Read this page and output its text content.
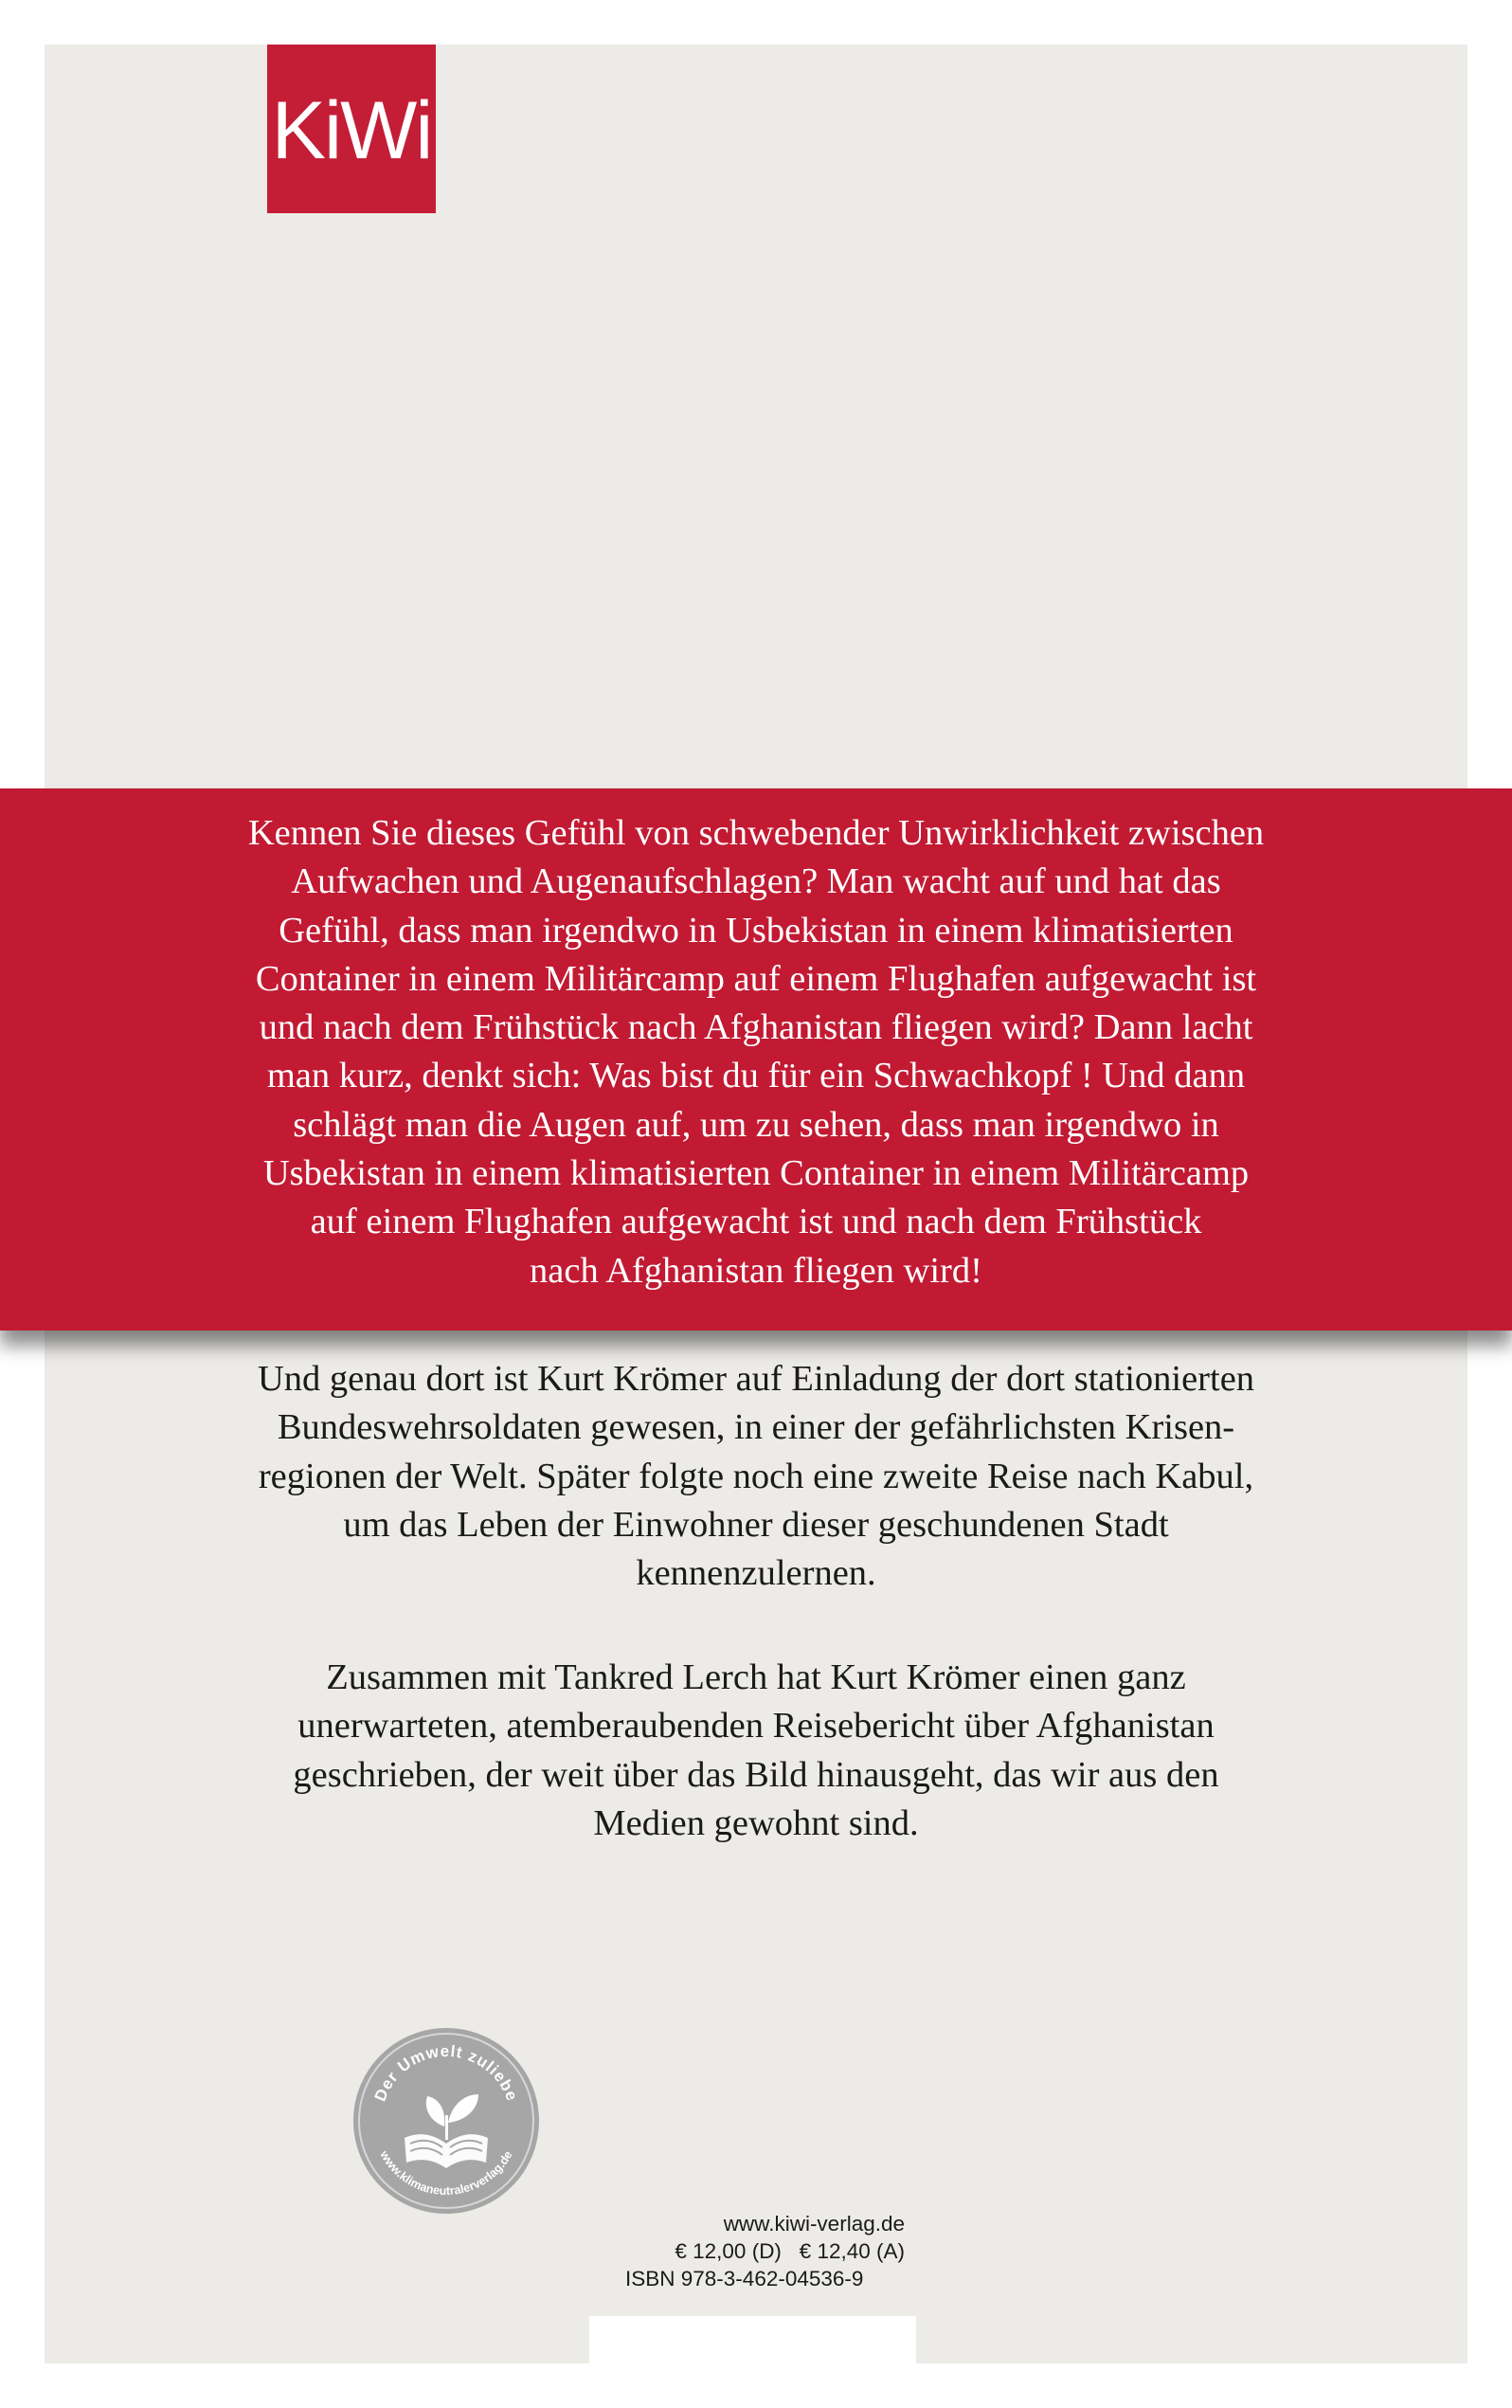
KiWi
Kennen Sie dieses Gefühl von schwebender Unwirklichkeit zwischen
Aufwachen und Augenaufschlagen? Man wacht auf und hat das
Gefühl, dass man irgendwo in Usbekistan in einem klimatisierten
Container in einem Militärcamp auf einem Flughafen aufgewacht ist
und nach dem Frühstück nach Afghanistan fliegen wird? Dann lacht
man kurz, denkt sich: Was bist du für ein Schwachkopf ! Und dann
schlägt man die Augen auf, um zu sehen, dass man irgendwo in
Usbekistan in einem klimatisierten Container in einem Militärcamp
auf einem Flughafen aufgewacht ist und nach dem Frühstück
nach Afghanistan fliegen wird!
Und genau dort ist Kurt Krömer auf Einladung der dort stationierten
Bundeswehrsoldaten gewesen, in einer der gefährlichsten Krisen-
regionen der Welt. Später folgte noch eine zweite Reise nach Kabul,
um das Leben der Einwohner dieser geschundenen Stadt
kennenzulernen.
Zusammen mit Tankred Lerch hat Kurt Krömer einen ganz
unerwarteten, atemberaubenden Reisebericht über Afghanistan
geschrieben, der weit über das Bild hinausgeht, das wir aus den
Medien gewohnt sind.
Der Umwelt zuliebe
www.klimaneutralerverlag.de
www.kiwi-verlag.de
€ 12,00 (D)   € 12,40 (A)
ISBN 978-3-462-04536-9
